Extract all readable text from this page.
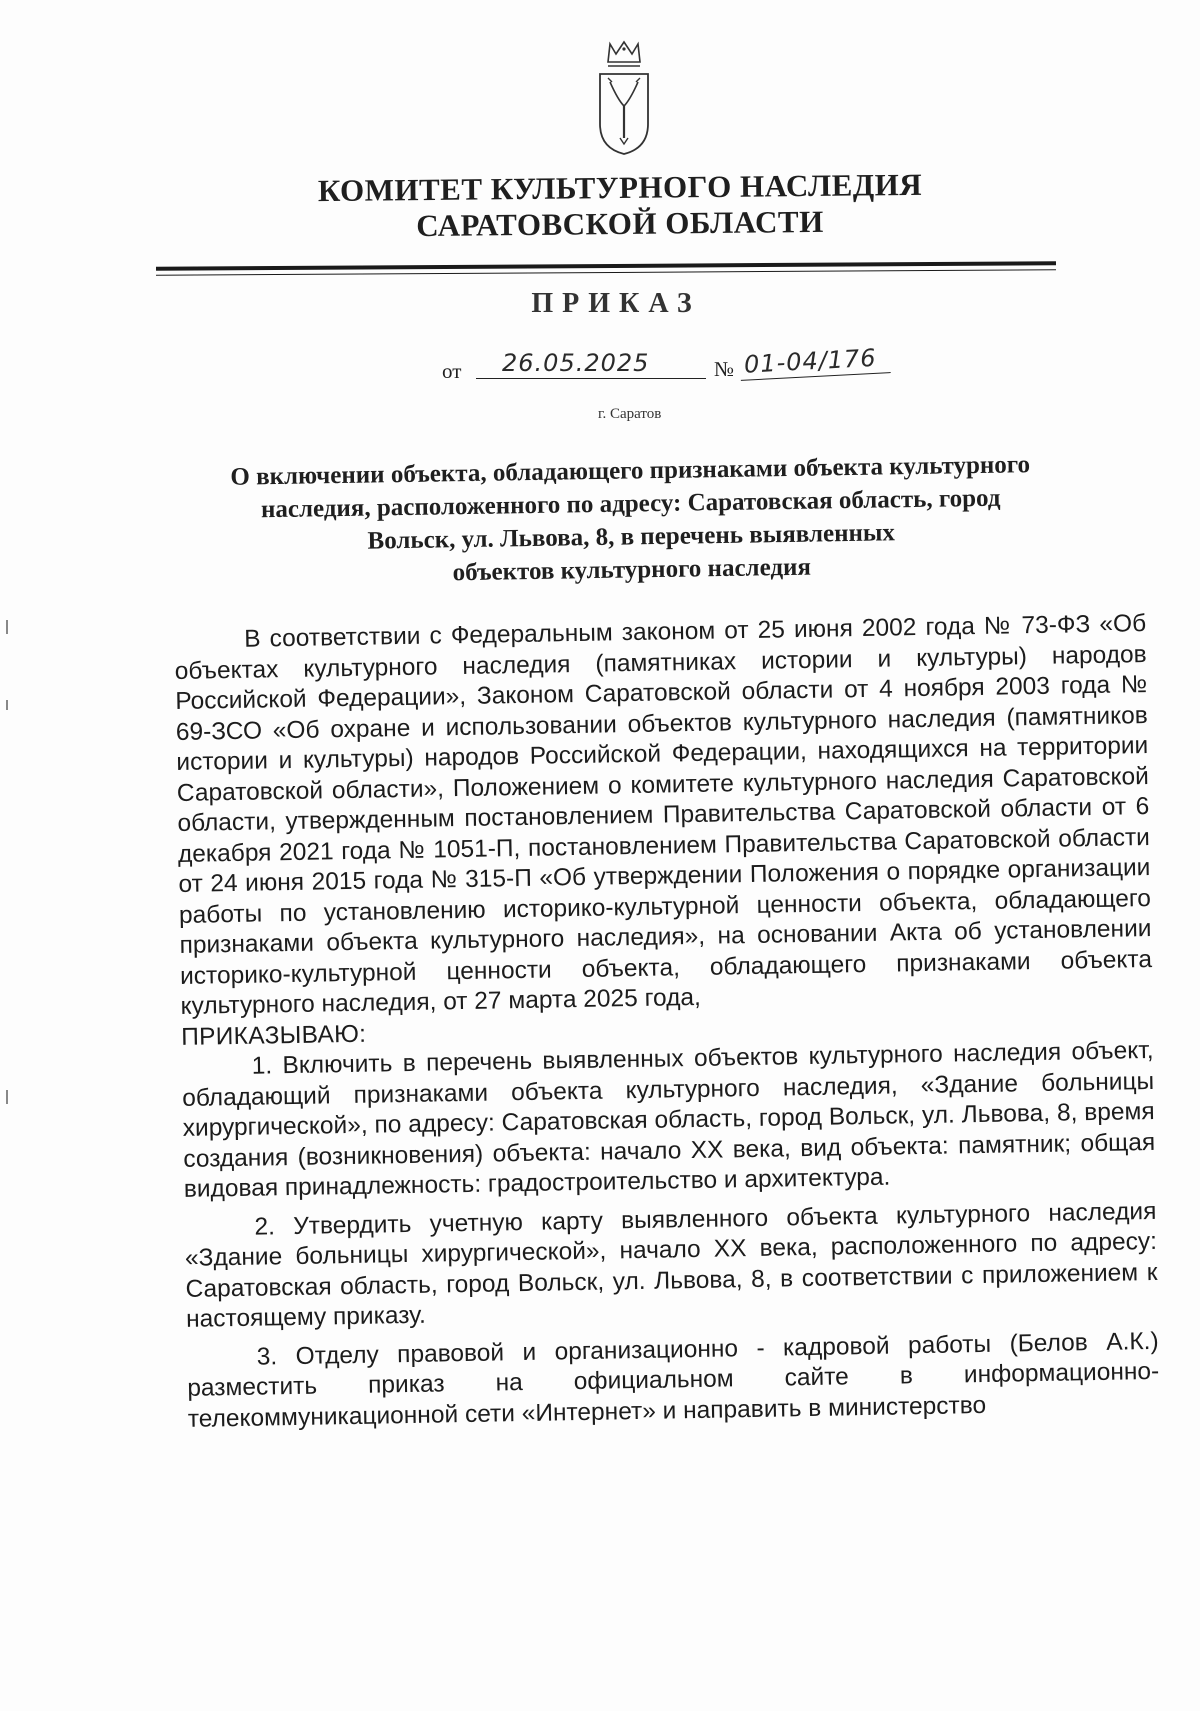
КОМИТЕТ КУЛЬТУРНОГО НАСЛЕДИЯ
САРАТОВСКОЙ ОБЛАСТИ
ПРИКАЗ
от	26.05.2025	№ 01-04/176
г. Саратов
О включении объекта, обладающего признаками объекта культурного
наследия, расположенного по адресу: Саратовская область, город
Вольск, ул. Львова, 8, в перечень выявленных
объектов культурного наследия

В соответствии с Федеральным законом от 25 июня 2002 года № 73-ФЗ «Об объектах культурного наследия (памятниках истории и культуры) народов Российской Федерации», Законом Саратовской области от 4 ноября 2003 года № 69-ЗСО «Об охране и использовании объектов культурного наследия (памятников истории и культуры) народов Российской Федерации, находящихся на территории Саратовской области», Положением о комитете культурного наследия Саратовской области, утвержденным постановлением Правительства Саратовской области от 6 декабря 2021 года № 1051-П, постановлением Правительства Саратовской области от 24 июня 2015 года № 315-П «Об утверждении Положения о порядке организации работы по установлению историко-культурной ценности объекта, обладающего признаками объекта культурного наследия», на основании Акта об установлении историко-культурной ценности объекта, обладающего признаками объекта культурного наследия, от 27 марта 2025 года,

ПРИКАЗЫВАЮ:

1. Включить в перечень выявленных объектов культурного наследия объект, обладающий признаками объекта культурного наследия, «Здание больницы хирургической», по адресу: Саратовская область, город Вольск, ул. Львова, 8, время создания (возникновения) объекта: начало XX века, вид объекта: памятник; общая видовая принадлежность: градостроительство и архитектура.

2. Утвердить учетную карту выявленного объекта культурного наследия «Здание больницы хирургической», начало XX века, расположенного по адресу: Саратовская область, город Вольск, ул. Львова, 8, в соответствии с приложением к настоящему приказу.

3. Отделу правовой и организационно - кадровой работы (Белов А.К.) разместить приказ на официальном сайте в информационно-телекоммуникационной сети «Интернет» и направить в министерство
